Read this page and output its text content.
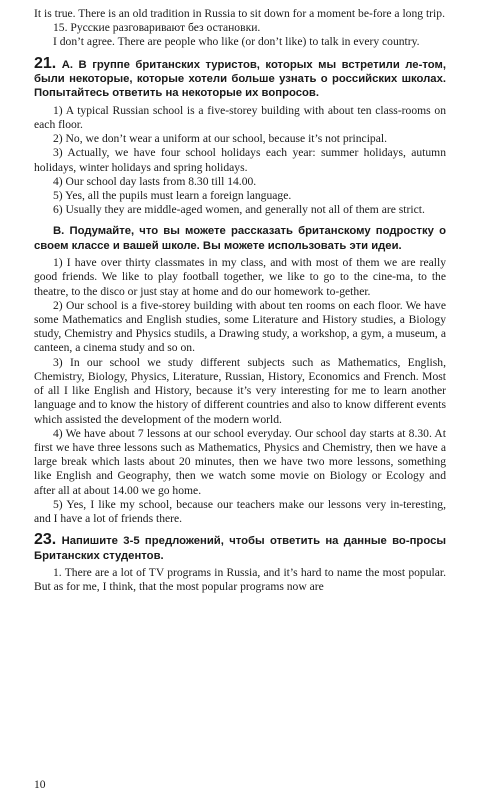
It is true. There is an old tradition in Russia to sit down for a moment be-fore a long trip.

15. Русские разговаривают без остановки.

I don’t agree. There are people who like (or don’t like) to talk in every country.

21. А. В группе британских туристов, которых мы встретили ле-том, были некоторые, которые хотели больше узнать о российских школах. Попытайтесь ответить на некоторые их вопросов.

1) A typical Russian school is a five-storey building with about ten class-rooms on each floor.

2) No, we don’t wear a uniform at our school, because it’s not principal.

3) Actually, we have four school holidays each year: summer holidays, autumn holidays, winter holidays and spring holidays.

4) Our school day lasts from 8.30 till 14.00.

5) Yes, all the pupils must learn a foreign language.

6) Usually they are middle-aged women, and generally not all of them are strict.

В. Подумайте, что вы можете рассказать британскому подростку о своем классе и вашей школе. Вы можете использовать эти идеи.

1) I have over thirty classmates in my class, and with most of them we are really good friends. We like to play football together, we like to go to the cine-ma, to the theatre, to the disco or just stay at home and do our homework to-gether.

2) Our school is a five-storey building with about ten rooms on each floor. We have some Mathematics and English studies, some Literature and History studies, a Biology study, Chemistry and Physics studils, a Drawing study, a workshop, a gym, a museum, a canteen, a cinema study and so on.

3) In our school we study different subjects such as Mathematics, English, Chemistry, Biology, Physics, Literature, Russian, History, Economics and French. Most of all I like English and History, because it’s very interesting for me to learn another language and to know the history of different countries and also to know different events which assisted the development of the modern world.

4) We have about 7 lessons at our school everyday. Our school day starts at 8.30. At first we have three lessons such as Mathematics, Physics and Chemistry, then we have a large break which lasts about 20 minutes, then we have two more lessons, something like English and Geography, then we watch some movie on Biology or Ecology and after all at about 14.00 we go home.

5) Yes, I like my school, because our teachers make our lessons very in-teresting, and I have a lot of friends there.

23. Напишите 3-5 предложений, чтобы ответить на данные во-просы Британских студентов.

1. There are a lot of TV programs in Russia, and it’s hard to name the most popular. But as for me, I think, that the most popular programs now are

10
